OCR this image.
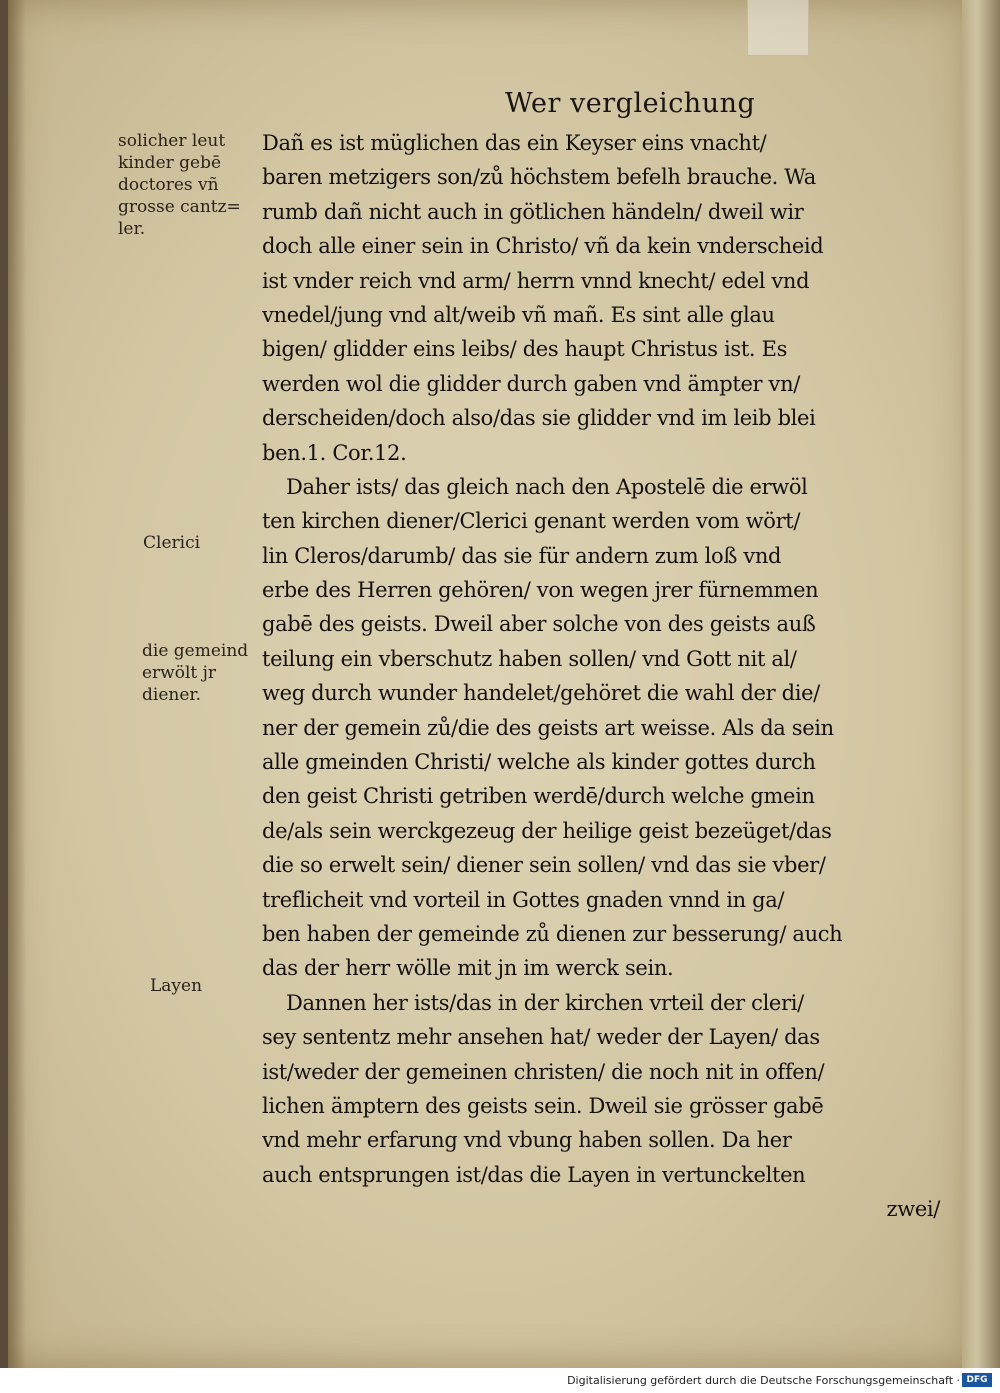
Wer vergleichung
solicher leut
kinder gebē
doctores vñ
grosse cantz=
ler.
Clerici
die gemeind
erwölt jr
diener.
Layen
Dañ es ist müglichen das ein Keyser eins vnacht/
baren metzigers son/zů höchstem befelh brauche. Wa
rumb dañ nicht auch in götlichen händeln/ dweil wir
doch alle einer sein in Christo/ vñ da kein vnderscheid
ist vnder reich vnd arm/ herrn vnnd knecht/ edel vnd
vnedel/jung vnd alt/weib vñ mañ. Es sint alle glau
bigen/ glidder eins leibs/ des haupt Christus ist. Es
werden wol die glidder durch gaben vnd ämpter vn/
derscheiden/doch also/das sie glidder vnd im leib blei
ben.1. Cor.12.
Daher ists/ das gleich nach den Apostelē die erwöl
ten kirchen diener/Clerici genant werden vom wört/
lin Cleros/darumb/ das sie für andern zum loß vnd
erbe des Herren gehören/ von wegen jrer fürnemmen
gabē des geists. Dweil aber solche von des geists auß
teilung ein vberschutz haben sollen/ vnd Gott nit al/
weg durch wunder handelet/gehöret die wahl der die/
ner der gemein zů/die des geists art weisse. Als da sein
alle gmeinden Christi/ welche als kinder gottes durch
den geist Christi getriben werdē/durch welche gmein
de/als sein werckgezeug der heilige geist bezeüget/das
die so erwelt sein/ diener sein sollen/ vnd das sie vber/
treflicheit vnd vorteil in Gottes gnaden vnnd in ga/
ben haben der gemeinde zů dienen zur besserung/ auch
das der herr wölle mit jn im werck sein.
Dannen her ists/das in der kirchen vrteil der cleri/
sey sententz mehr ansehen hat/ weder der Layen/ das
ist/weder der gemeinen christen/ die noch nit in offen/
lichen ämptern des geists sein. Dweil sie grösser gabē
vnd mehr erfarung vnd vbung haben sollen. Da her
auch entsprungen ist/das die Layen in vertunckelten
zwei/
Digitalisierung gefördert durch die Deutsche Forschungsgemeinschaft · DFG
